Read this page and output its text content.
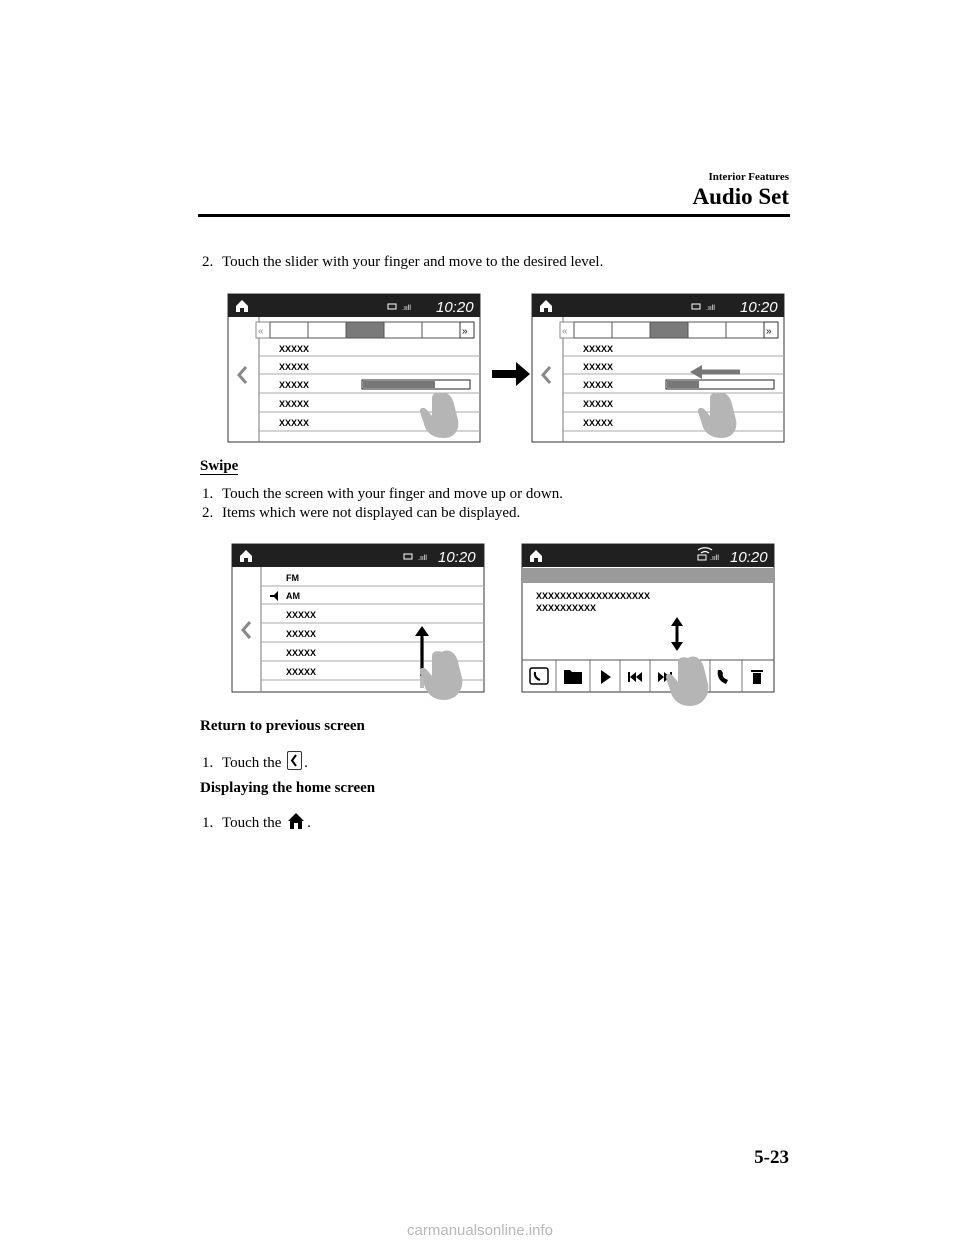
Interior Features
Audio Set
2. Touch the slider with your finger and move to the desired level.
.ııll 10:20
«	»
XXXXX
XXXXX
XXXXX
XXXXX
XXXXX
.ııll 10:20
«	»
XXXXX
XXXXX
XXXXX
XXXXX
XXXXX
Swipe
1. Touch the screen with your finger and move up or down.
2. Items which were not displayed can be displayed.
.ııll 10:20
FM
AM
XXXXX
XXXXX
XXXXX
XXXXX
.ııll 10:20
XXXXXXXXXXXXXXXXXXX
XXXXXXXXXX
Return to previous screen
1. Touch the .
Displaying the home screen
1. Touch the .
5-23
carmanualsonline.info
